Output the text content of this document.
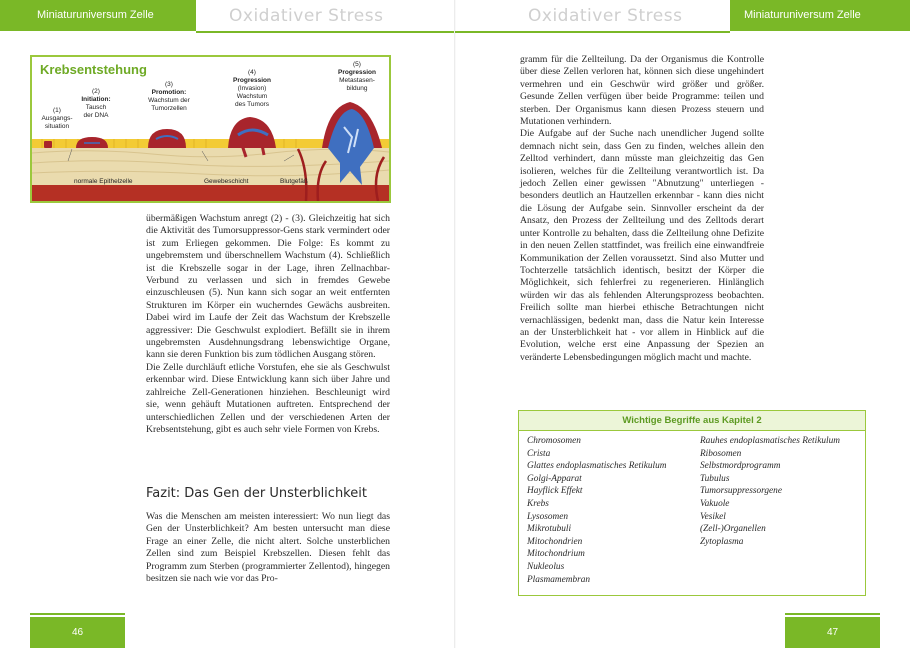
Miniaturuniversum Zelle	Oxidativer Stress
Krebsentstehung
(1)
Ausgangs-
situation
(2)
Initiation:
Tausch
der DNA
(3)
Promotion:
Wachstum der
Tumorzellen
(4)
Progression
(Invasion)
Wachstum
des Tumors
(5)
Progression
Metastasen-
bildung
normale Epithelzelle	Gewebeschicht	Blutgefäß

übermäßigen Wachstum anregt (2) - (3). Gleichzeitig hat sich die Aktivität des Tumorsuppressor-Gens stark vermindert oder ist zum Erliegen gekommen. Die Folge: Es kommt zu ungebremstem und überschnellem Wachstum (4). Schließlich ist die Krebszelle sogar in der Lage, ihren Zellnachbar-Verbund zu verlassen und sich in fremdes Gewebe einzuschleusen (5). Nun kann sich sogar an weit entfernten Strukturen im Körper ein wucherndes Gewächs ausbreiten. Dabei wird im Laufe der Zeit das Wachstum der Krebszelle aggressiver: Die Geschwulst explodiert. Befällt sie in ihrem ungebremsten Ausdehnungsdrang lebenswichtige Organe, kann sie deren Funktion bis zum tödlichen Ausgang stören.

Die Zelle durchläuft etliche Vorstufen, ehe sie als Geschwulst erkennbar wird. Diese Entwicklung kann sich über Jahre und zahlreiche Zell-Generationen hinziehen. Beschleunigt wird sie, wenn gehäuft Mutationen auftreten. Entsprechend der unterschiedlichen Zellen und der verschiedenen Arten der Krebsentstehung, gibt es auch sehr viele Formen von Krebs.

Fazit: Das Gen der Unsterblichkeit

Was die Menschen am meisten interessiert: Wo nun liegt das Gen der Unsterblichkeit? Am besten untersucht man diese Frage an einer Zelle, die nicht altert. Solche unsterblichen Zellen sind zum Beispiel Krebszellen. Diesen fehlt das Programm zum Sterben (programmierter Zellentod), hingegen besitzen sie nach wie vor das Pro-

46
Oxidativer Stress	Miniaturuniversum Zelle
47

gramm für die Zellteilung. Da der Organismus die Kontrolle über diese Zellen verloren hat, können sich diese ungehindert vermehren und ein Geschwür wird größer und größer. Gesunde Zellen verfügen über beide Programme: teilen und sterben. Der Organismus kann diesen Prozess steuern und Mutationen verhindern.

Die Aufgabe auf der Suche nach unendlicher Jugend sollte demnach nicht sein, dass Gen zu finden, welches allein den Zelltod verhindert, dann müsste man gleichzeitig das Gen isolieren, welches für die Zellteilung verantwortlich ist. Da jedoch Zellen einer gewissen "Abnutzung" unterliegen - besonders deutlich an Hautzellen erkennbar - kann dies nicht die Lösung der Aufgabe sein. Sinnvoller erscheint da der Ansatz, den Prozess der Zellteilung und des Zelltods derart unter Kontrolle zu behalten, dass die Zellteilung ohne Defizite in den neuen Zellen stattfindet, was freilich eine einwandfreie Kommunikation der Zellen voraussetzt. Sind also Mutter und Tochterzelle tatsächlich identisch, besitzt der Körper die Möglichkeit, sich fehlerfrei zu regenerieren. Hinlänglich würden wir das als fehlenden Alterungsprozess beobachten. Freilich sollte man hierbei ethische Betrachtungen nicht vernachlässigen, bedenkt man, dass die Natur kein Interesse an der Unsterblichkeit hat - vor allem in Hinblick auf die Evolution, welche erst eine Anpassung der Spezien an veränderte Lebensbedingungen möglich macht und machte.

Wichtige Begriffe aus Kapitel 2
Chromosomen
Crista
Glattes endoplasmatisches Retikulum
Golgi-Apparat
Hayflick Effekt
Krebs
Lysosomen
Mikrotubuli
Mitochondrien
Mitochondrium
Nukleolus
Plasmamembran
Rauhes endoplasmatisches Retikulum
Ribosomen
Selbstmordprogramm
Tubulus
Tumorsuppressorgene
Vakuole
Vesikel
(Zell-)Organellen
Zytoplasma
